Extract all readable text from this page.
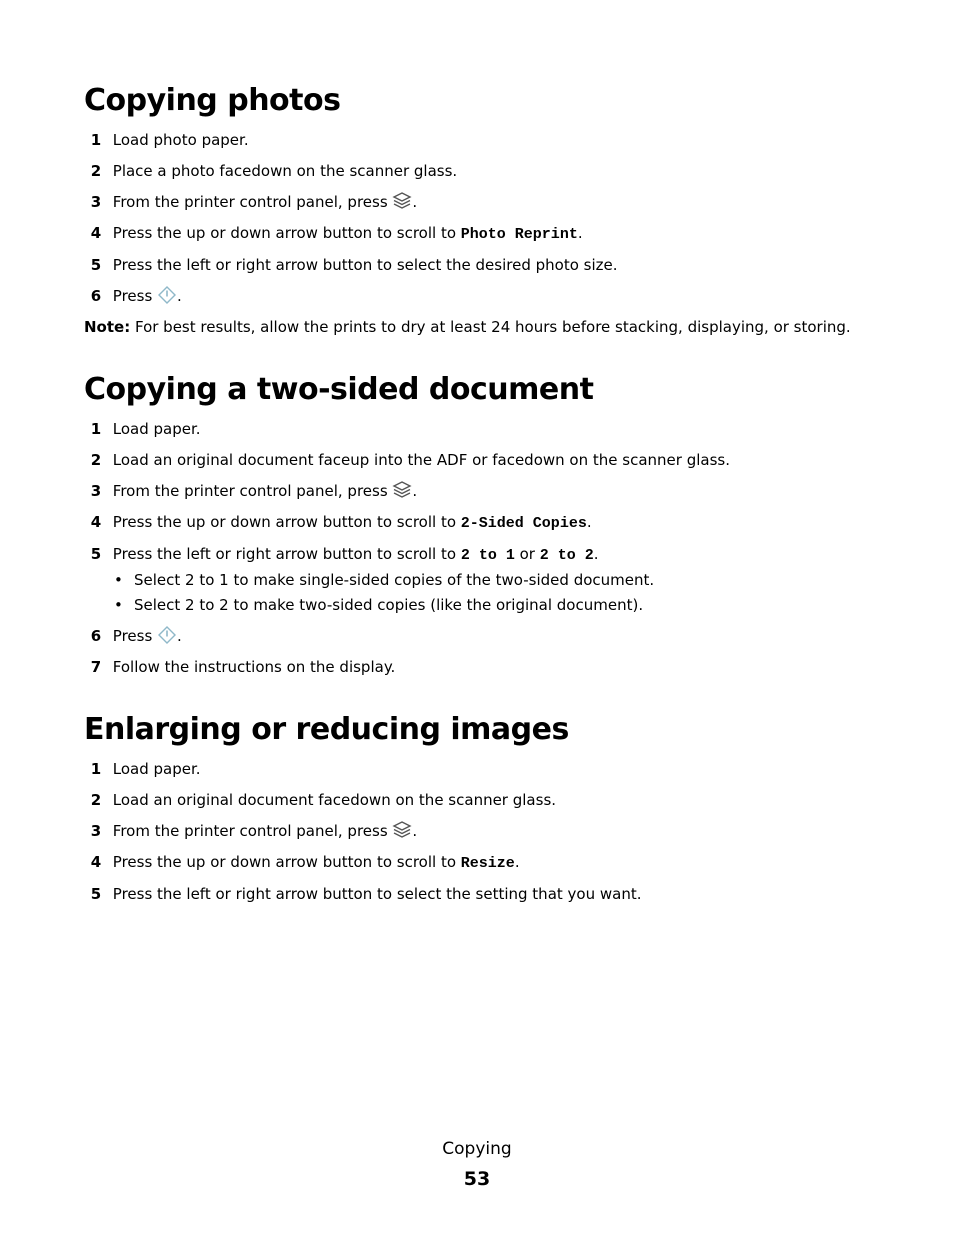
Copying photos
1 Load photo paper.
2 Place a photo facedown on the scanner glass.
3 From the printer control panel, press .
4 Press the up or down arrow button to scroll to Photo Reprint.
5 Press the left or right arrow button to select the desired photo size.
6 Press .
Note: For best results, allow the prints to dry at least 24 hours before stacking, displaying, or storing.
Copying a two-sided document
1 Load paper.
2 Load an original document faceup into the ADF or facedown on the scanner glass.
3 From the printer control panel, press .
4 Press the up or down arrow button to scroll to 2-Sided Copies.
5 Press the left or right arrow button to scroll to 2 to 1 or 2 to 2.
• Select 2 to 1 to make single-sided copies of the two-sided document.
• Select 2 to 2 to make two-sided copies (like the original document).
6 Press .
7 Follow the instructions on the display.
Enlarging or reducing images
1 Load paper.
2 Load an original document facedown on the scanner glass.
3 From the printer control panel, press .
4 Press the up or down arrow button to scroll to Resize.
5 Press the left or right arrow button to select the setting that you want.
Copying
53
